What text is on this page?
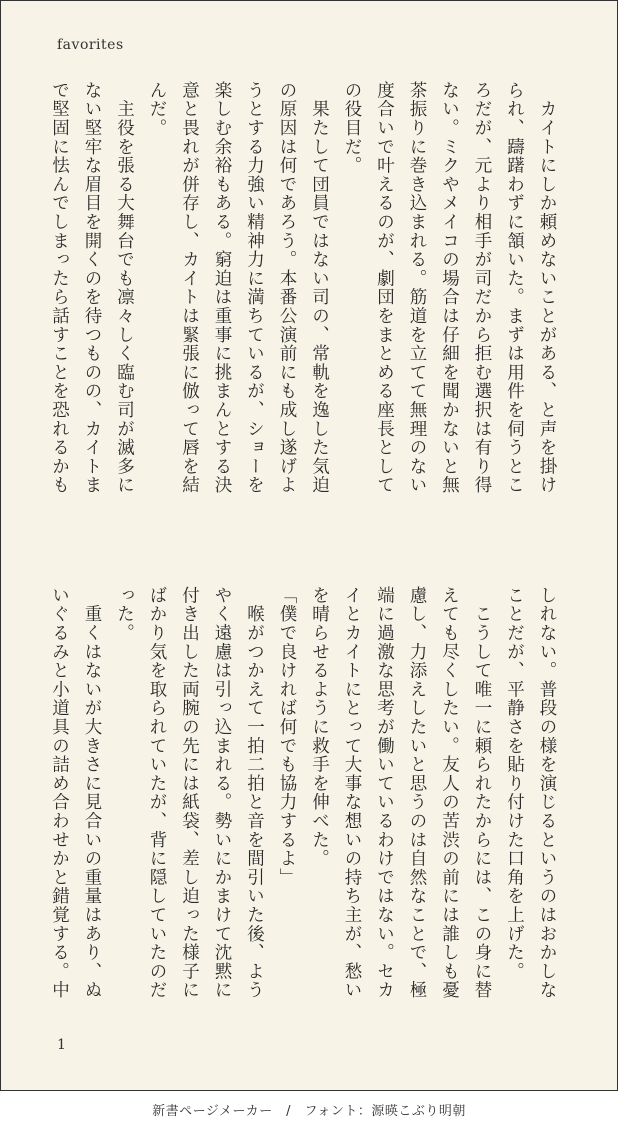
favorites

　カイトにしか頼めないことがある、と声を掛け

られ、躊躇わずに頷いた。まずは用件を伺うとこ

ろだが、元より相手が司だから拒む選択は有り得

ない。ミクやメイコの場合は仔細を聞かないと無

茶振りに巻き込まれる。筋道を立てて無理のない

度合いで叶えるのが、劇団をまとめる座長として

の役目だ。

　果たして団員ではない司の、常軌を逸した気迫

の原因は何であろう。本番公演前にも成し遂げよ

うとする力強い精神力に満ちているが、ショーを

楽しむ余裕もある。窮迫は重事に挑まんとする決

意と畏れが併存し、カイトは緊張に倣って唇を結

んだ。

　主役を張る大舞台でも凛々しく臨む司が滅多に

ない堅牢な眉目を開くのを待つものの、カイトま

で堅固に怯んでしまったら話すことを恐れるかも

しれない。普段の様を演じるというのはおかしな

ことだが、平静さを貼り付けた口角を上げた。

　こうして唯一に頼られたからには、この身に替

えても尽くしたい。友人の苦渋の前には誰しも憂

慮し、力添えしたいと思うのは自然なことで、極

端に過激な思考が働いているわけではない。セカ

イとカイトにとって大事な想いの持ち主が、愁い

を晴らせるように救手を伸べた。

「僕で良ければ何でも協力するよ」

　喉がつかえて一拍二拍と音を間引いた後、よう

やく遠慮は引っ込まれる。勢いにかまけて沈黙に

付き出した両腕の先には紙袋、差し迫った様子に

ばかり気を取られていたが、背に隠していたのだ

った。

　重くはないが大きさに見合いの重量はあり、ぬ

いぐるみと小道具の詰め合わせかと錯覚する。中

1
新書ページメーカー　/　フォント：源暎こぶり明朝
